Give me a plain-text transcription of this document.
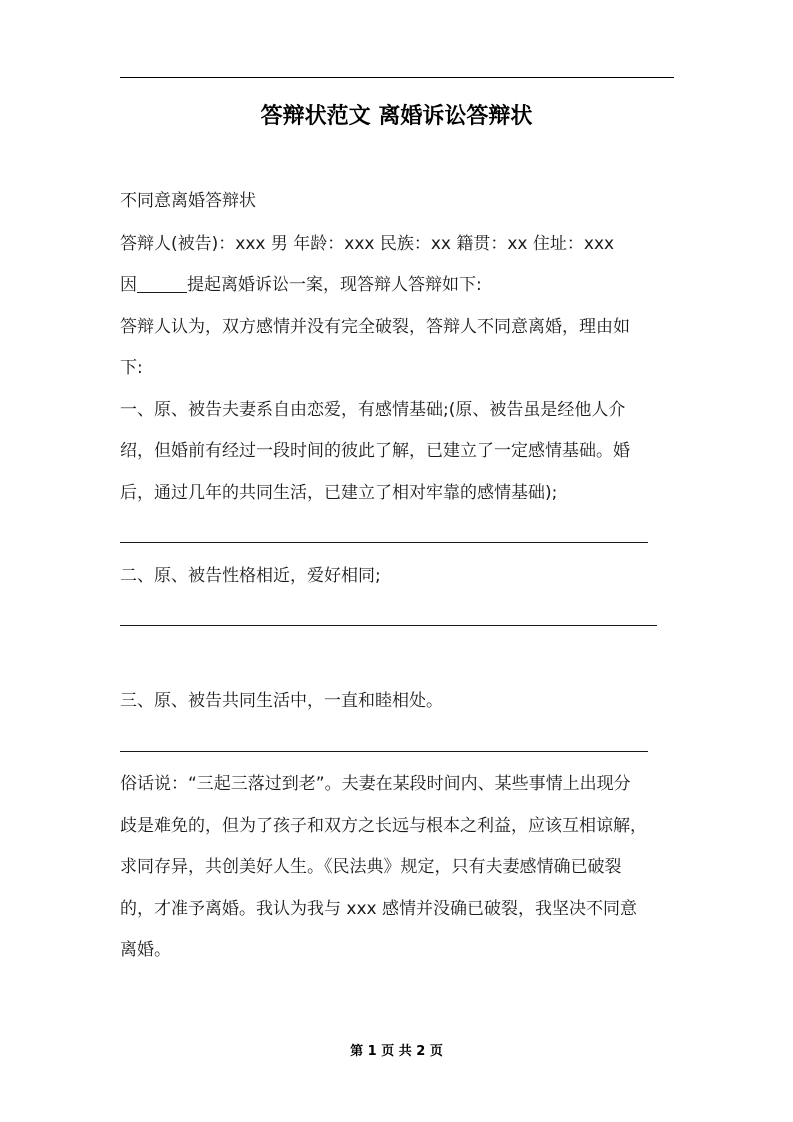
答辩状范文 离婚诉讼答辩状
不同意离婚答辩状
答辩人(被告)：xxx 男 年龄：xxx 民族：xx 籍贯：xx 住址：xxx
因	提起离婚诉讼一案，现答辩人答辩如下:
答辩人认为，双方感情并没有完全破裂，答辩人不同意离婚，理由如
下:
一、原、被告夫妻系自由恋爱，有感情基础;(原、被告虽是经他人介
绍，但婚前有经过一段时间的彼此了解，已建立了一定感情基础。婚
后，通过几年的共同生活，已建立了相对牢靠的感情基础);
二、原、被告性格相近，爱好相同;
三、原、被告共同生活中，一直和睦相处。
俗话说：“三起三落过到老”。夫妻在某段时间内、某些事情上出现分
歧是难免的，但为了孩子和双方之长远与根本之利益，应该互相谅解，
求同存异，共创美好人生。《民法典》规定，只有夫妻感情确已破裂
的，才准予离婚。我认为我与 xxx 感情并没确已破裂，我坚决不同意
离婚。
第 1 页 共 2 页
